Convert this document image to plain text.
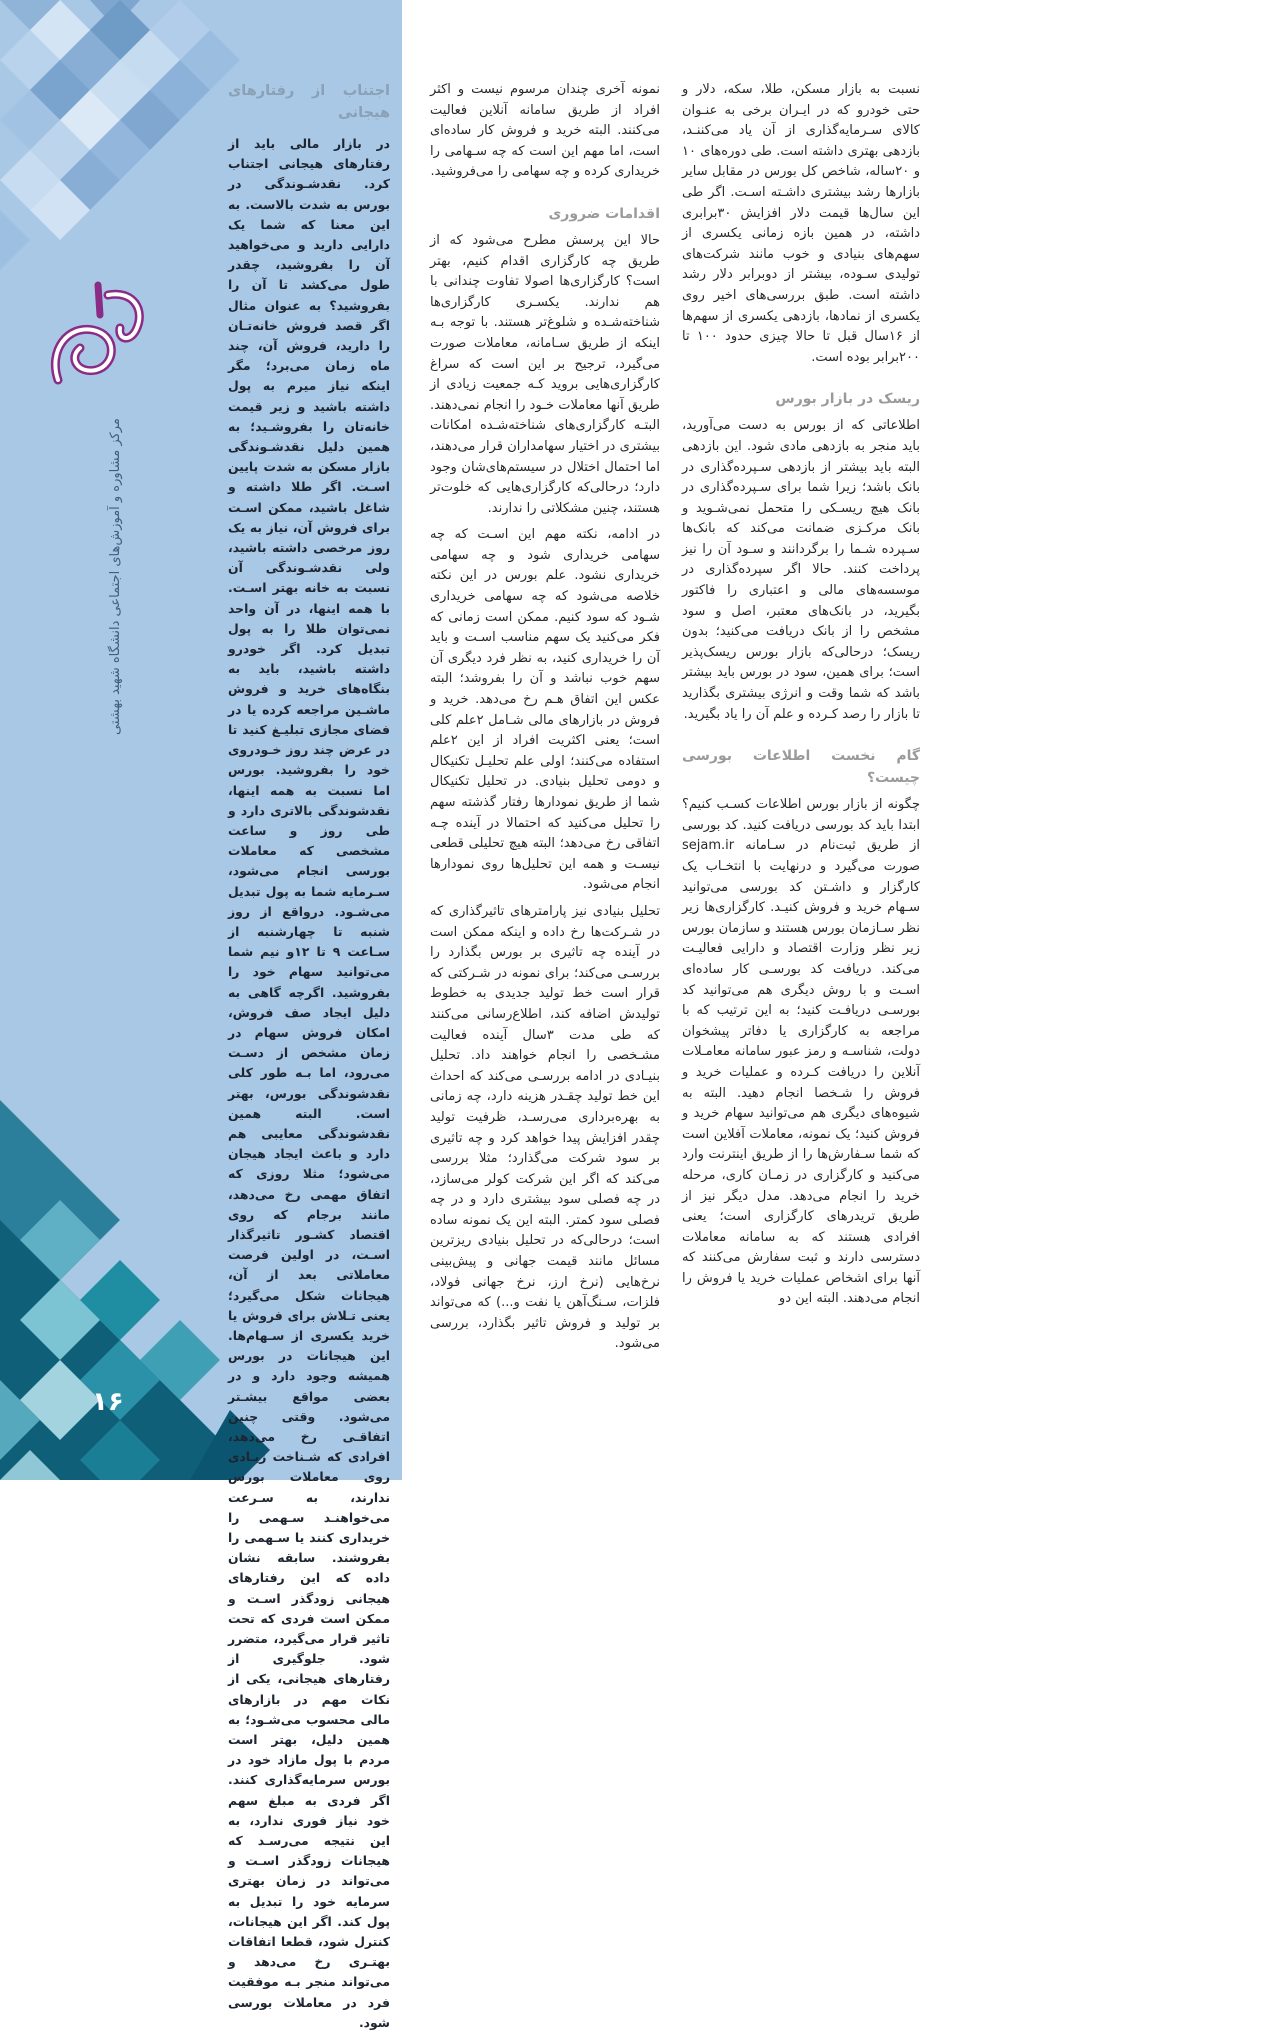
مرکز مشاوره و آموزش‌های اجتماعی دانشگاه شهید بهشتی
۱۶
اجتناب از رفتارهای هیجانی

در بازار مالی باید از رفتارهای هیجانی اجتناب کرد. نقدشـوندگی در بورس به شدت بالاست. به این معنا که شما یک دارایی دارید و می‌خواهید آن را بفروشید، چقدر طول می‌کشد تا آن را بفروشید؟ به عنوان مثال اگر قصد فروش خانه‌تـان را دارید، فروش آن، چند ماه زمان می‌برد؛ مگر اینکه نیاز میرم به پول داشته باشید و زیر قیمت خانه‌تان را بفروشـید؛ به همین دلیل نقدشـوندگی بازار مسکن به شدت پایین اسـت. اگر طلا داشته و شاغل باشید، ممکن اسـت برای فروش آن، نیاز به یک روز مرخصی داشته باشید، ولی نقدشـوندگی آن نسبت به خانه بهتر اسـت. با همه اینها، در آن واحد نمی‌توان طلا را به پول تبدیل کرد. اگر خودرو داشته باشید، باید به بنگاه‌های خرید و فروش ماشـین مراجعه کرده یا در فضای مجازی تبلیـغ کنید تا در عرض چند روز خـودروی خود را بفروشید. بورس اما نسبت به همه اینها، نقدشوندگی بالاتری دارد و طی روز و ساعت مشخصی که معاملات بورسی انجام می‌شود، سـرمایه شما به پول تبدیل می‌شـود. درواقع از روز شنبه تا چهارشنبه از سـاعت ۹ تا ۱۲و نیم شما می‌توانید سهام خود را بفروشید. اگرچه گاهی به دلیل ایجاد صف فروش، امکان فروش سهام در زمان مشخص از دسـت می‌رود، اما بـه طور کلی نقدشوندگی بورس، بهتر است. البته همین نقدشوندگی معایبی هم دارد و باعث ایجاد هیجان می‌شود؛ مثلا روزی که اتفاق مهمی رخ می‌دهد، مانند برجام که روی اقتصاد کشـور تاثیرگذار اسـت، در اولین فرصت معاملاتی بعد از آن، هیجانات شکل می‌گیرد؛ یعنی تـلاش برای فروش یا خرید یکسری از سـهام‌ها. این هیجانات در بورس همیشه وجود دارد و در بعضی مواقع بیشـتر می‌شود. وقتی چنین اتفاقـی رخ می‌دهد، افرادی که شـناخت زیـادی روی معاملات بورس ندارند، به سـرعت می‌خواهنـد سـهمی را خریداری کنند یا سـهمی را بفروشند. سابقه نشان داده که این رفتارهای هیجانی زودگذر اسـت و ممکن است فردی که تحت تاثیر قرار می‌گیرد، متضرر شود. جلوگیری از رفتارهای هیجانی، یکی از نکات مهم در بازارهای مالی محسوب می‌شـود؛ به همین دلیل، بهتر است مردم با پول مازاد خود در بورس سرمایه‌گذاری کنند. اگر فردی به مبلغ سهم خود نیاز فوری ندارد، به این نتیجه می‌رسـد که هیجانات زودگذر اسـت و می‌تواند در زمان بهتری سرمایه خود را تبدیل به پول کند. اگر این هیجانات، کنترل شود، قطعا اتفاقات بهتـری رخ می‌دهد و می‌تواند منجر بـه موفقیت فرد در معاملات بورسی شود.

نمونه آخری چندان مرسوم نیست و اکثر افراد از طریق سامانه آنلاین فعالیت می‌کنند. البته خرید و فروش کار ساده‌ای است، اما مهم این است که چه سـهامی را خریداری کرده و چه سهامی را می‌فروشید.

اقدامات ضروری

حالا این پرسش مطرح می‌شود که از طریق چه کارگزاری اقدام کنیم، بهتر است؟ کارگزاری‌ها اصولا تفاوت چندانی با هم ندارند. یکسـری کارگزاری‌ها شناخته‌شـده و شلوغ‌تر هستند. با توجه بـه اینکه از طریق سـامانه، معاملات صورت می‌گیرد، ترجیح بر این است که سراغ کارگزاری‌هایی بروید کـه جمعیت زیادی از طریق آنها معاملات خـود را انجام نمی‌دهند. البتـه کارگزاری‌های شناخته‌شـده امکانات بیشتری در اختیار سهامداران قرار می‌دهند، اما احتمال اختلال در سیستم‌های‌شان وجود دارد؛ درحالی‌که کارگزاری‌هایی که خلوت‌تر هستند، چنین مشکلاتی را ندارند.

در ادامه، نکته مهم این اسـت که چه سهامی خریداری شود و چه سهامی خریداری نشود. علم بورس در این نکته خلاصه می‌شود که چه سهامی خریداری شـود که سود کنیم. ممکن است زمانی که فکر می‌کنید یک سهم مناسب اسـت و باید آن را خریداری کنید، به نظر فرد دیگری آن سهم خوب نباشد و آن را بفروشد؛ البته عکس این اتفاق هـم رخ می‌دهد. خرید و فروش در بازارهای مالی شـامل ۲علم کلی است؛ یعنی اکثریت افراد از این ۲علم استفاده می‌کنند؛ اولی علم تحلیـل تکنیکال و دومی تحلیل بنیادی. در تحلیل تکنیکال شما از طریق نمودارها رفتار گذشته سهم را تحلیل می‌کنید که احتمالا در آینده چـه اتفاقی رخ می‌دهد؛ البته هیچ تحلیلی قطعی نیسـت و همه این تحلیل‌ها روی نمودارها انجام می‌شود.

تحلیل بنیادی نیز پارامترهای تاثیرگذاری که در شـرکت‌ها رخ داده و اینکه ممکن است در آینده چه تاثیری بر بورس بگذارد را بررسـی می‌کند؛ برای نمونه در شـرکتی که قرار است خط تولید جدیدی به خطوط تولیدش اضافه کند، اطلاع‌رسانی می‌کنند که طی مدت ۳سال آینده فعالیت مشـخصی را انجام خواهند داد. تحلیل بنیـادی در ادامه بررسـی می‌کند که احداث این خط تولید چقـدر هزینه دارد، چه زمانی به بهره‌برداری می‌رسـد، ظرفیت تولید چقدر افزایش پیدا خواهد کرد و چه تاثیری بر سود شرکت می‌گذارد؛ مثلا بررسی می‌کند که اگر این شرکت کولر می‌سازد، در چه فصلی سود بیشتری دارد و در چه فصلی سود کمتر. البته این یک نمونه ساده است؛ درحالی‌که در تحلیل بنیادی ریزترین مسائل مانند قیمت جهانی و پیش‌بینی نرخ‌هایی (نرخ ارز، نرخ جهانی فولاد، فلزات، سـنگ‌آهن یا نفت و...) که می‌تواند بر تولید و فروش تاثیر بگذارد، بررسی می‌شود.

نسبت به بازار مسکن، طلا، سکه، دلار و حتی خودرو که در ایـران برخی به عنـوان کالای سـرمایه‌گذاری از آن یاد می‌کننـد، بازدهی بهتری داشته است. طی دوره‌های ۱۰ و ۲۰ساله، شاخص کل بورس در مقابل سایر بازارها رشد بیشتری داشـته اسـت. اگر طی این سال‌ها قیمت دلار افزایش ۳۰برابری داشته، در همین بازه زمانی یکسری از سهم‌های بنیادی و خوب مانند شرکت‌های تولیدی سـوده، بیشتر از دوبرابر دلار رشد داشته است. طبق بررسی‌های اخیر روی یکسری از نمادها، بازدهی یکسری از سهم‌ها از ۱۶سال قبل تا حالا چیزی حدود ۱۰۰ تا ۲۰۰برابر بوده است.

ریسک در بازار بورس

اطلاعاتی که از بورس به دست می‌آورید، باید منجر به بازدهی مادی شود. این بازدهی البته باید بیشتر از بازدهی سـپرده‌گذاری در بانک باشد؛ زیرا شما برای سـپرده‌گذاری در بانک هیچ ریسـکی را متحمل نمی‌شـوید و بانک مرکـزی ضمانت می‌کند که بانک‌ها سـپرده شـما را برگردانند و سـود آن را نیز پرداخت کنند. حالا اگر سپرده‌گذاری در موسسه‌های مالی و اعتباری را فاکتور بگیرید، در بانک‌های معتبر، اصل و سود مشخص را از بانک دریافت می‌کنید؛ بدون ریسک؛ درحالی‌که بازار بورس ریسک‌پذیر است؛ برای همین، سود در بورس باید بیشتر باشد که شما وقت و انرژی بیشتری بگذارید تا بازار را رصد کـرده و علم آن را یاد بگیرید.

گام نخست اطلاعات بورسی چیست؟

چگونه از بازار بورس اطلاعات کسـب کنیم؟ ابتدا باید کد بورسی دریافت کنید. کد بورسی از طریق ثبت‌نام در سـامانه sejam.ir صورت می‌گیرد و درنهایت با انتخـاب یک کارگزار و داشـتن کد بورسی می‌توانید سـهام خرید و فروش کنیـد. کارگزاری‌ها زیر نظر سـازمان بورس هستند و سازمان بورس زیر نظر وزارت اقتصاد و دارایی فعالیـت می‌کند. دریافت کد بورسـی کار ساده‌ای اسـت و با روش دیگری هم می‌توانید کد بورسـی دریافـت کنید؛ به این ترتیب که با مراجعه به کارگزاری یا دفاتر پیشخوان دولت، شناسـه و رمز عبور سامانه معامـلات آنلاین را دریافت کـرده و عملیات خرید و فروش را شـخصا انجام دهید. البته به شیوه‌های دیگری هم می‌توانید سهام خرید و فروش کنید؛ یک نمونه، معاملات آفلاین است که شما سـفارش‌ها را از طریق اینترنت وارد می‌کنید و کارگزاری در زمـان کاری، مرحله خرید را انجام می‌دهد. مدل دیگر نیز از طریق تریدرهای کارگزاری است؛ یعنی افرادی هستند که به سامانه معاملات دسترسی دارند و ثبت سفارش می‌کنند که آنها برای اشخاص عملیات خرید یا فروش را انجام می‌دهند. البته این دو
